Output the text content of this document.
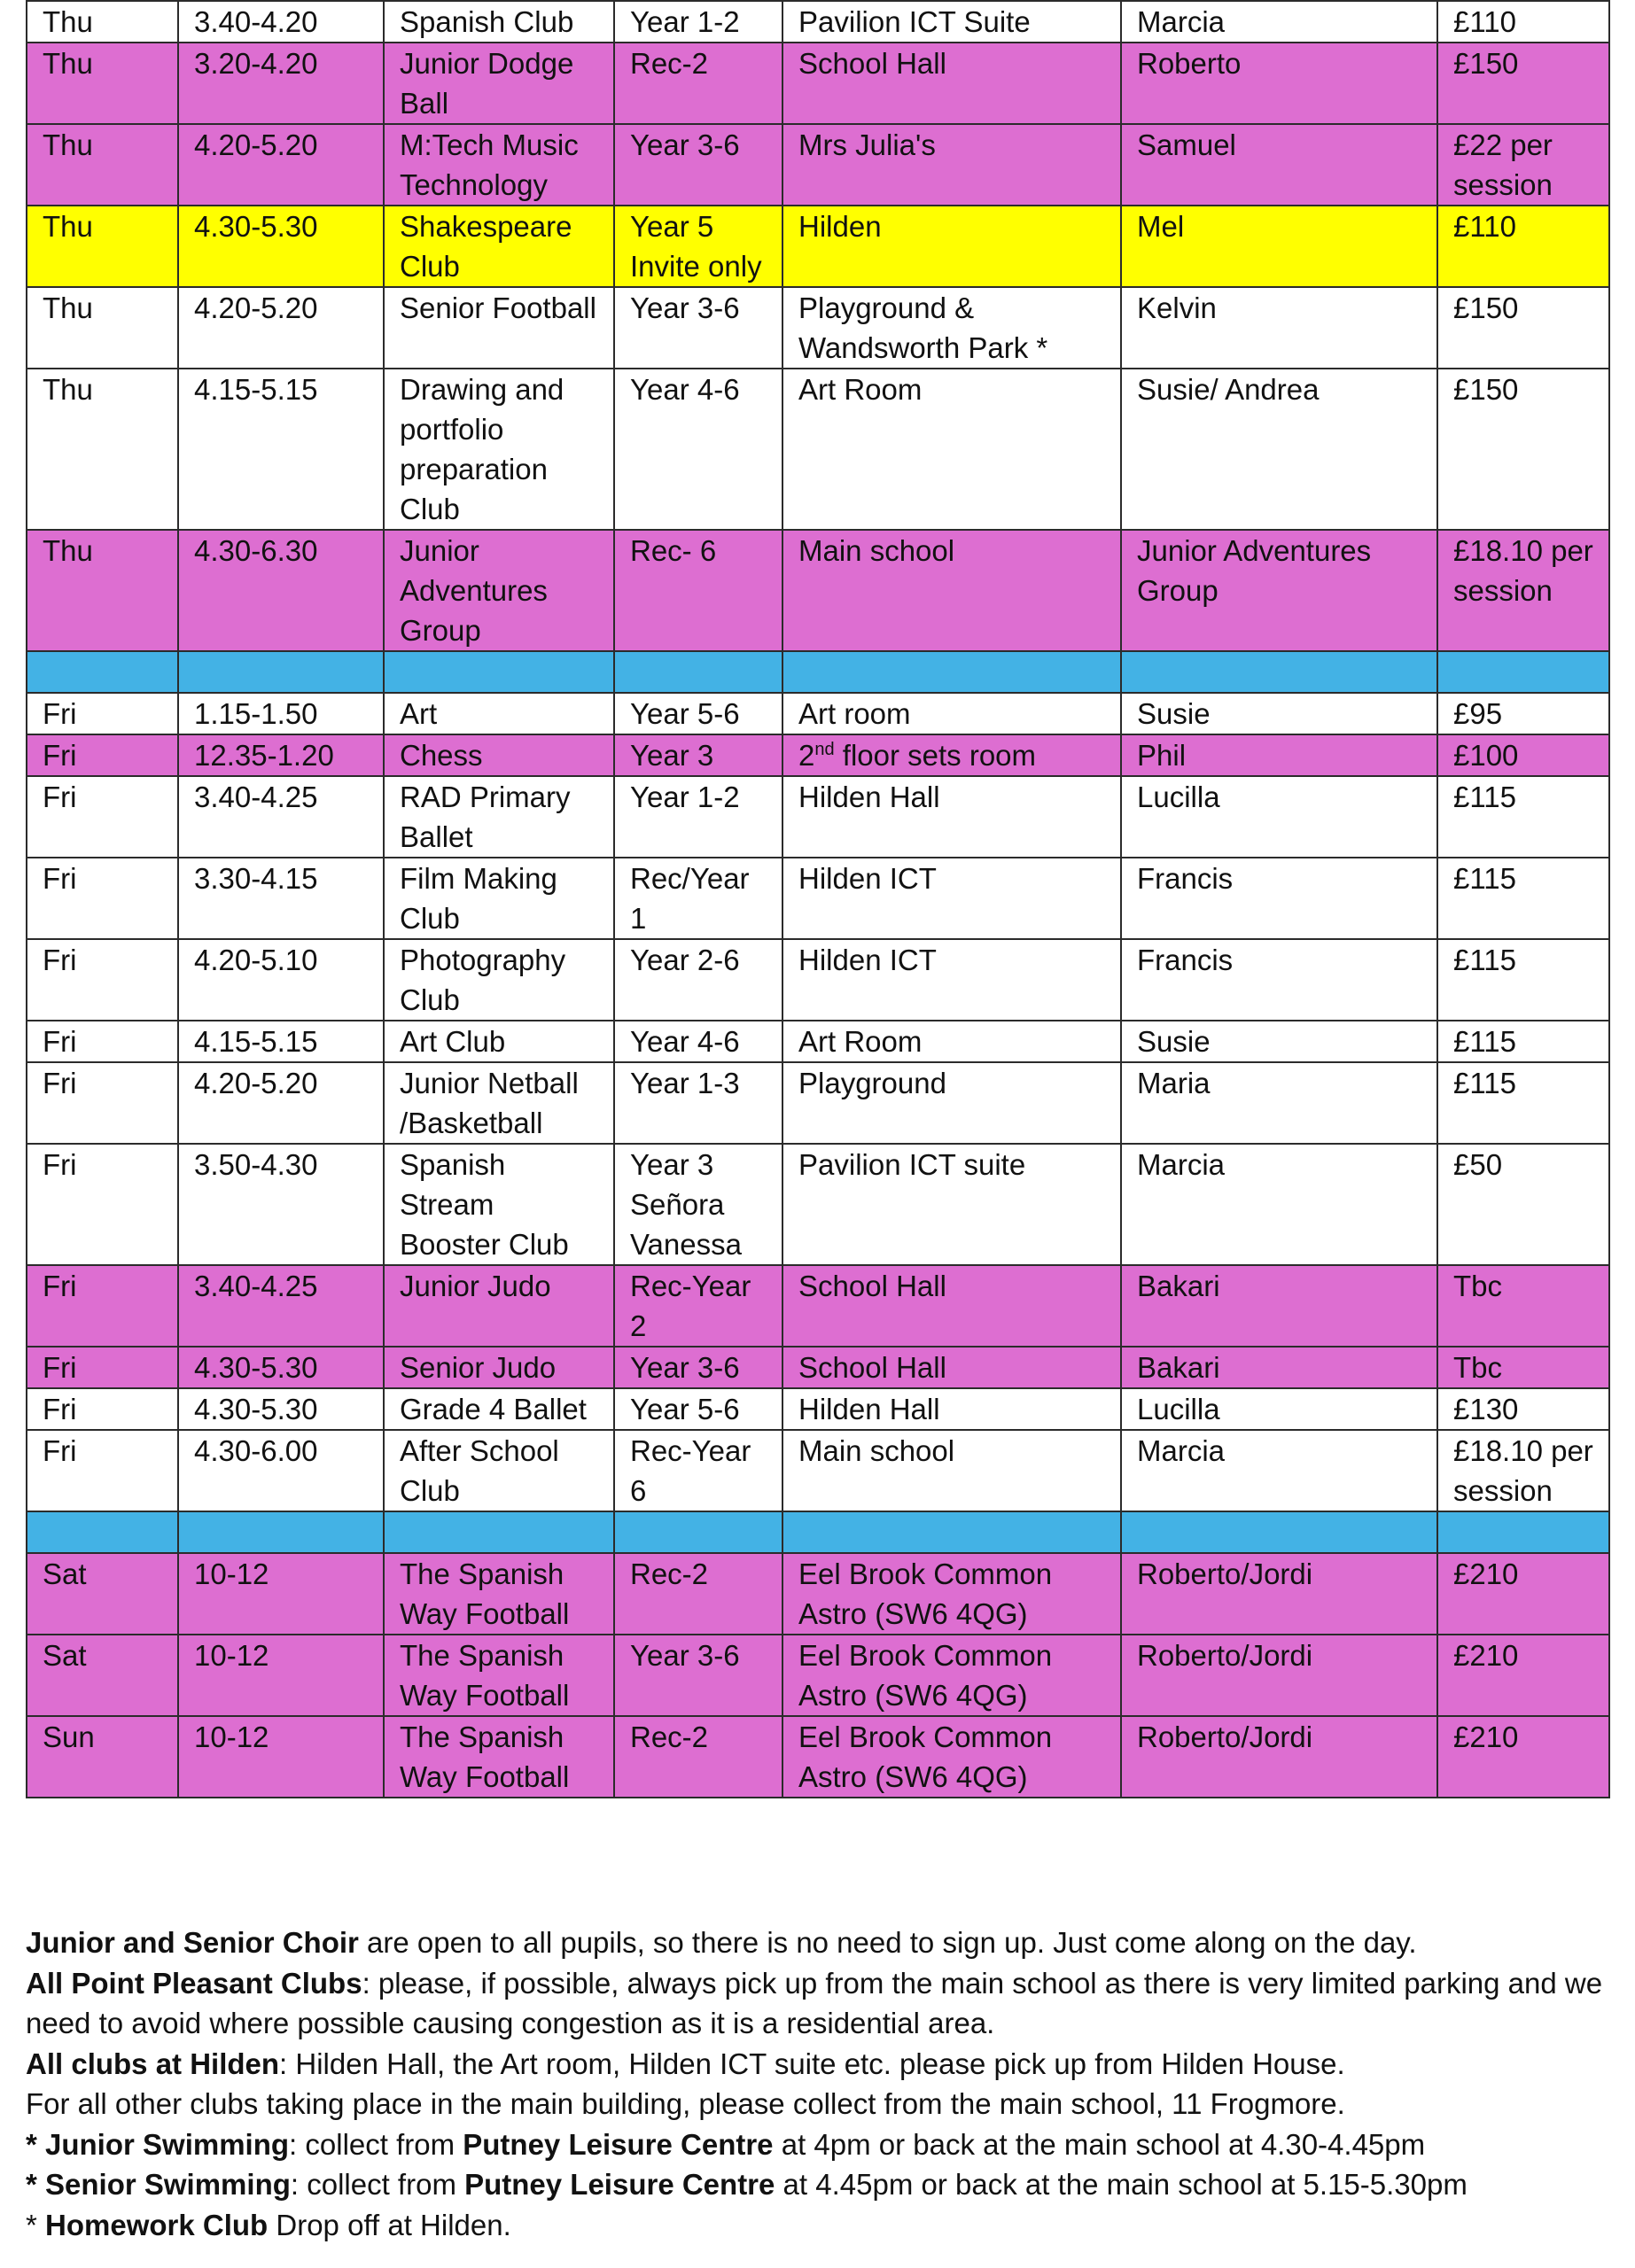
Thu	3.40-4.20	Spanish Club	Year 1-2	Pavilion ICT Suite	Marcia	£110
Thu	3.20-4.20	Junior Dodge Ball	Rec-2	School Hall	Roberto	£150
Thu	4.20-5.20	M:Tech Music Technology	Year 3-6	Mrs Julia's	Samuel	£22 per session
Thu	4.30-5.30	Shakespeare Club	Year 5 Invite only	Hilden	Mel	£110
Thu	4.20-5.20	Senior Football	Year 3-6	Playground & Wandsworth Park *	Kelvin	£150
Thu	4.15-5.15	Drawing and portfolio preparation Club	Year 4-6	Art Room	Susie/ Andrea	£150
Thu	4.30-6.30	Junior Adventures Group	Rec- 6	Main school	Junior Adventures Group	£18.10 per session

Fri	1.15-1.50	Art	Year 5-6	Art room	Susie	£95
Fri	12.35-1.20	Chess	Year 3	2nd floor sets room	Phil	£100
Fri	3.40-4.25	RAD Primary Ballet	Year 1-2	Hilden Hall	Lucilla	£115
Fri	3.30-4.15	Film Making Club	Rec/Year 1	Hilden ICT	Francis	£115
Fri	4.20-5.10	Photography Club	Year 2-6	Hilden ICT	Francis	£115
Fri	4.15-5.15	Art Club	Year 4-6	Art Room	Susie	£115
Fri	4.20-5.20	Junior Netball /Basketball	Year 1-3	Playground	Maria	£115
Fri	3.50-4.30	Spanish Stream Booster Club	Year 3 Señora Vanessa	Pavilion ICT suite	Marcia	£50
Fri	3.40-4.25	Junior Judo	Rec-Year 2	School Hall	Bakari	Tbc
Fri	4.30-5.30	Senior Judo	Year 3-6	School Hall	Bakari	Tbc
Fri	4.30-5.30	Grade 4 Ballet	Year 5-6	Hilden Hall	Lucilla	£130
Fri	4.30-6.00	After School Club	Rec-Year 6	Main school	Marcia	£18.10 per session

Sat	10-12	The Spanish Way Football	Rec-2	Eel Brook Common Astro (SW6 4QG)	Roberto/Jordi	£210
Sat	10-12	The Spanish Way Football	Year 3-6	Eel Brook Common Astro (SW6 4QG)	Roberto/Jordi	£210
Sun	10-12	The Spanish Way Football	Rec-2	Eel Brook Common Astro (SW6 4QG)	Roberto/Jordi	£210

Junior and Senior Choir are open to all pupils, so there is no need to sign up. Just come along on the day.

All Point Pleasant Clubs: please, if possible, always pick up from the main school as there is very limited parking and we need to avoid where possible causing congestion as it is a residential area.

All clubs at Hilden: Hilden Hall, the Art room, Hilden ICT suite etc. please pick up from Hilden House.

For all other clubs taking place in the main building, please collect from the main school, 11 Frogmore.

* Junior Swimming: collect from Putney Leisure Centre at 4pm or back at the main school at 4.30-4.45pm

* Senior Swimming: collect from Putney Leisure Centre at 4.45pm or back at the main school at 5.15-5.30pm

* Homework Club Drop off at Hilden.
